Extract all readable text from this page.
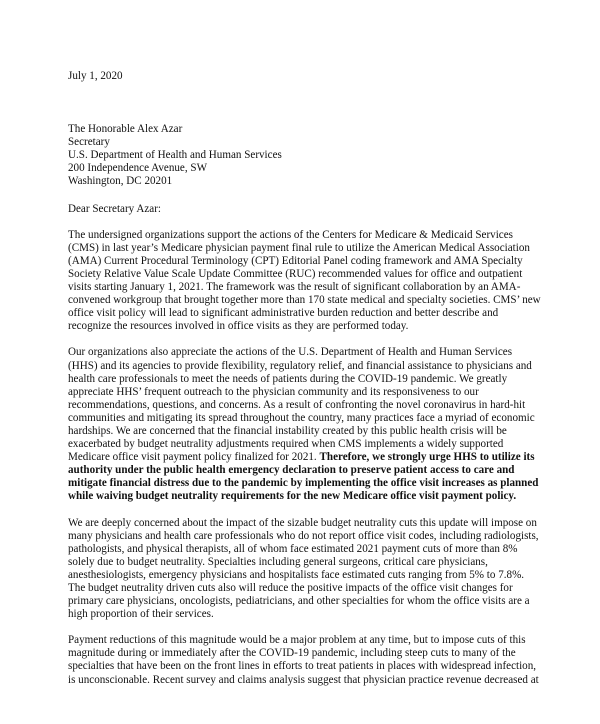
July 1, 2020
The Honorable Alex Azar
Secretary
U.S. Department of Health and Human Services
200 Independence Avenue, SW
Washington, DC 20201
Dear Secretary Azar:

The undersigned organizations support the actions of the Centers for Medicare & Medicaid Services (CMS) in last year’s Medicare physician payment final rule to utilize the American Medical Association (AMA) Current Procedural Terminology (CPT) Editorial Panel coding framework and AMA Specialty Society Relative Value Scale Update Committee (RUC) recommended values for office and outpatient visits starting January 1, 2021. The framework was the result of significant collaboration by an AMA-convened workgroup that brought together more than 170 state medical and specialty societies. CMS’ new office visit policy will lead to significant administrative burden reduction and better describe and recognize the resources involved in office visits as they are performed today.

Our organizations also appreciate the actions of the U.S. Department of Health and Human Services (HHS) and its agencies to provide flexibility, regulatory relief, and financial assistance to physicians and health care professionals to meet the needs of patients during the COVID-19 pandemic. We greatly appreciate HHS’ frequent outreach to the physician community and its responsiveness to our recommendations, questions, and concerns. As a result of confronting the novel coronavirus in hard-hit communities and mitigating its spread throughout the country, many practices face a myriad of economic hardships. We are concerned that the financial instability created by this public health crisis will be exacerbated by budget neutrality adjustments required when CMS implements a widely supported Medicare office visit payment policy finalized for 2021. Therefore, we strongly urge HHS to utilize its authority under the public health emergency declaration to preserve patient access to care and mitigate financial distress due to the pandemic by implementing the office visit increases as planned while waiving budget neutrality requirements for the new Medicare office visit payment policy.

We are deeply concerned about the impact of the sizable budget neutrality cuts this update will impose on many physicians and health care professionals who do not report office visit codes, including radiologists, pathologists, and physical therapists, all of whom face estimated 2021 payment cuts of more than 8% solely due to budget neutrality. Specialties including general surgeons, critical care physicians, anesthesiologists, emergency physicians and hospitalists face estimated cuts ranging from 5% to 7.8%. The budget neutrality driven cuts also will reduce the positive impacts of the office visit changes for primary care physicians, oncologists, pediatricians, and other specialties for whom the office visits are a high proportion of their services.

Payment reductions of this magnitude would be a major problem at any time, but to impose cuts of this magnitude during or immediately after the COVID-19 pandemic, including steep cuts to many of the specialties that have been on the front lines in efforts to treat patients in places with widespread infection, is unconscionable. Recent survey and claims analysis suggest that physician practice revenue decreased at
